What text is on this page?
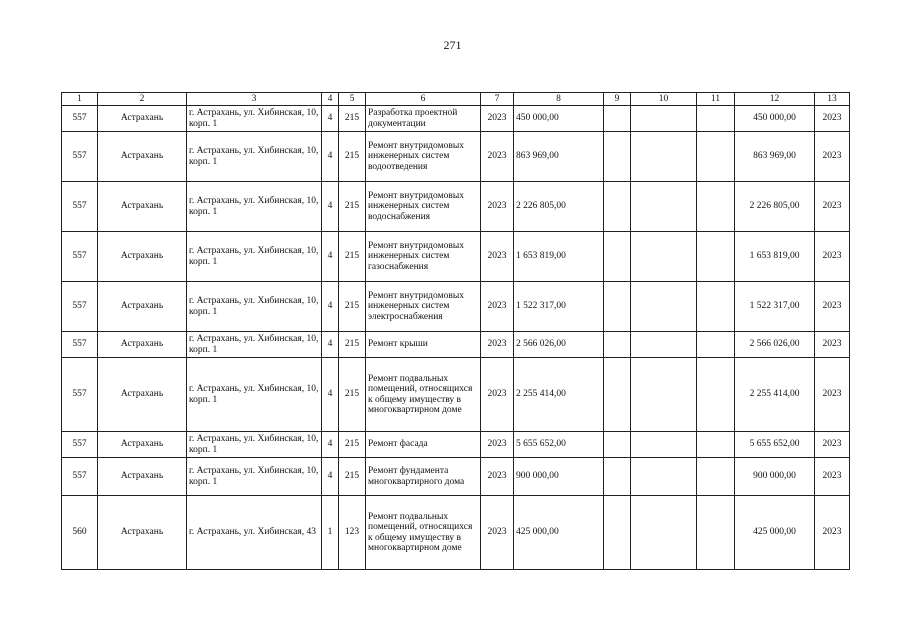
271
1	2	3	4	5	6	7	8	9	10	11	12	13
557	Астрахань	г. Астрахань, ул. Хибинская, 10, корп. 1	4	215	Разработка проектной документации	2023	450 000,00				450 000,00	2023
557	Астрахань	г. Астрахань, ул. Хибинская, 10, корп. 1	4	215	Ремонт внутридомовых инженерных систем водоотведения	2023	863 969,00				863 969,00	2023
557	Астрахань	г. Астрахань, ул. Хибинская, 10, корп. 1	4	215	Ремонт внутридомовых инженерных систем водоснабжения	2023	2 226 805,00				2 226 805,00	2023
557	Астрахань	г. Астрахань, ул. Хибинская, 10, корп. 1	4	215	Ремонт внутридомовых инженерных систем газоснабжения	2023	1 653 819,00				1 653 819,00	2023
557	Астрахань	г. Астрахань, ул. Хибинская, 10, корп. 1	4	215	Ремонт внутридомовых инженерных систем электроснабжения	2023	1 522 317,00				1 522 317,00	2023
557	Астрахань	г. Астрахань, ул. Хибинская, 10, корп. 1	4	215	Ремонт крыши	2023	2 566 026,00				2 566 026,00	2023
557	Астрахань	г. Астрахань, ул. Хибинская, 10, корп. 1	4	215	Ремонт подвальных помещений, относящихся к общему имуществу в многоквартирном доме	2023	2 255 414,00				2 255 414,00	2023
557	Астрахань	г. Астрахань, ул. Хибинская, 10, корп. 1	4	215	Ремонт фасада	2023	5 655 652,00				5 655 652,00	2023
557	Астрахань	г. Астрахань, ул. Хибинская, 10, корп. 1	4	215	Ремонт фундамента многоквартирного дома	2023	900 000,00				900 000,00	2023
560	Астрахань	г. Астрахань, ул. Хибинская, 43	1	123	Ремонт подвальных помещений, относящихся к общему имуществу в многоквартирном доме	2023	425 000,00				425 000,00	2023
